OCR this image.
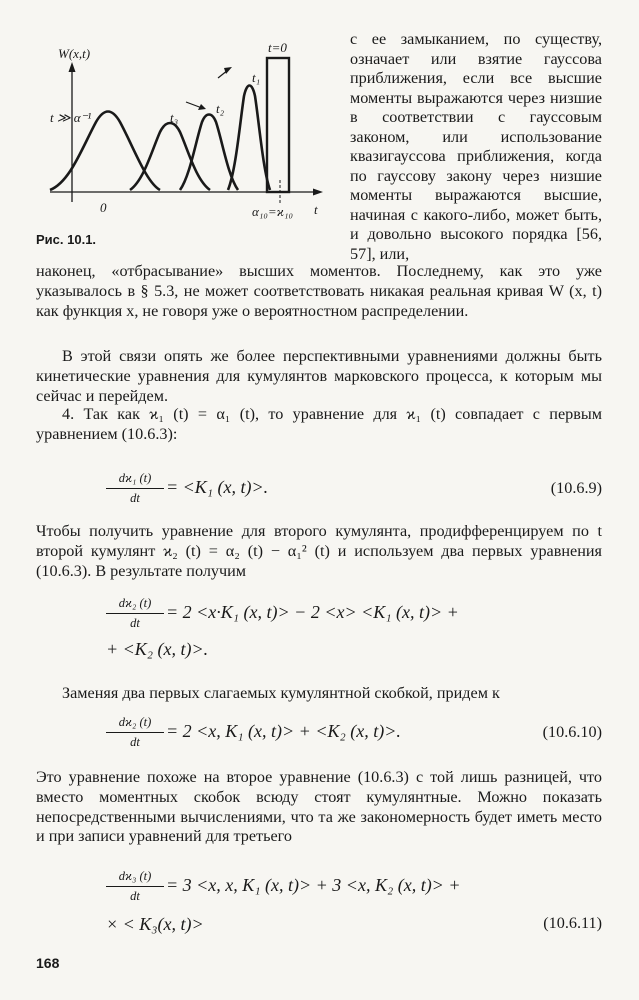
W(x,t)
t ≫ α⁻¹	t₃
t₂
t₁
t=0
0	α₁₀=ϰ₁₀ t
Рис. 10.1.
с ее замыканием, по существу, означает или взятие гауссова приближения, если все высшие моменты выражаются через низшие в соответствии с гауссовым законом, или использование квазигауссова приближения, когда по гауссову закону через низшие моменты выражаются высшие, начиная с какого-либо, может быть, и довольно высокого порядка [56, 57], или,
наконец, «отбрасывание» высших моментов. Последнему, как это уже указывалось в § 5.3, не может соответствовать никакая реальная кривая W (x, t) как функция x, не говоря уже о вероятностном распределении.
В этой связи опять же более перспективными уравнениями должны быть кинетические уравнения для кумулянтов марковского процесса, к которым мы сейчас и перейдем.
4. Так как ϰ₁ (t) = α₁ (t), то уравнение для ϰ₁ (t) совпадает с первым уравнением (10.6.3):
dϰ₁ (t)
dt
= <K₁ (x, t)>.	(10.6.9)
Чтобы получить уравнение для второго кумулянта, продифференцируем по t второй кумулянт ϰ₂ (t) = α₂ (t) − α₁² (t) и используем два первых уравнения (10.6.3). В результате получим
dϰ₂ (t)
dt
= 2 <x·K₁ (x, t)> − 2 <x> <K₁ (x, t)> +
+ <K₂ (x, t)>.
Заменяя два первых слагаемых кумулянтной скобкой, придем к
dϰ₂ (t)
dt
= 2 <x, K₁ (x, t)> + <K₂ (x, t)>.	(10.6.10)
Это уравнение похоже на второе уравнение (10.6.3) с той лишь разницей, что вместо моментных скобок всюду стоят кумулянтные. Можно показать непосредственными вычислениями, что та же закономерность будет иметь место и при записи уравнений для третьего
dϰ₃ (t)
dt
= 3 <x, x, K₁ (x, t)> + 3 <x, K₂ (x, t)> +
× < K₃(x, t)>	(10.6.11)
168
